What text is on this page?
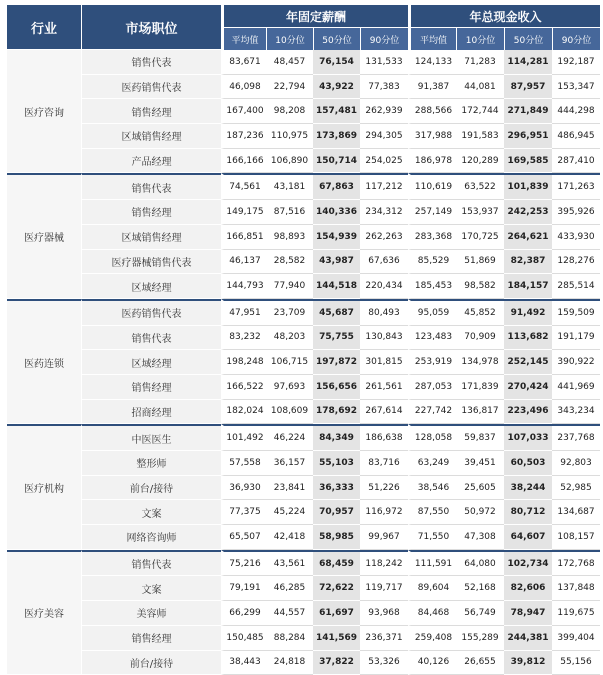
行业	市场职位	年固定薪酬				年总现金收入			
		平均值	10分位	50分位	90分位	平均值	10分位	50分位	90分位
医疗咨询	销售代表	83,671	48,457	76,154	131,533	124,133	71,283	114,281	192,187
	医药销售代表	46,098	22,794	43,922	77,383	91,387	44,081	87,957	153,347
	销售经理	167,400	98,208	157,481	262,939	288,566	172,744	271,849	444,298
	区域销售经理	187,236	110,975	173,869	294,305	317,988	191,583	296,951	486,945
	产品经理	166,166	106,890	150,714	254,025	186,978	120,289	169,585	287,410
医疗器械	销售代表	74,561	43,181	67,863	117,212	110,619	63,522	101,839	171,263
	销售经理	149,175	87,516	140,336	234,312	257,149	153,937	242,253	395,926
	区域销售经理	166,851	98,893	154,939	262,263	283,368	170,725	264,621	433,930
	医疗器械销售代表	46,137	28,582	43,987	67,636	85,529	51,869	82,387	128,276
	区域经理	144,793	77,940	144,518	220,434	185,453	98,582	184,157	285,514
医药连锁	医药销售代表	47,951	23,709	45,687	80,493	95,059	45,852	91,492	159,509
	销售代表	83,232	48,203	75,755	130,843	123,483	70,909	113,682	191,179
	区域经理	198,248	106,715	197,872	301,815	253,919	134,978	252,145	390,922
	销售经理	166,522	97,693	156,656	261,561	287,053	171,839	270,424	441,969
	招商经理	182,024	108,609	178,692	267,614	227,742	136,817	223,496	343,234
医疗机构	中医医生	101,492	46,224	84,349	186,638	128,058	59,837	107,033	237,768
	整形师	57,558	36,157	55,103	83,716	63,249	39,451	60,503	92,803
	前台/接待	36,930	23,841	36,333	51,226	38,546	25,605	38,244	52,985
	文案	77,375	45,224	70,957	116,972	87,550	50,972	80,712	134,687
	网络咨询师	65,507	42,418	58,985	99,967	71,550	47,308	64,607	108,157
医疗美容	销售代表	75,216	43,561	68,459	118,242	111,591	64,080	102,734	172,768
	文案	79,191	46,285	72,622	119,717	89,604	52,168	82,606	137,848
	美容师	66,299	44,557	61,697	93,968	84,468	56,749	78,947	119,675
	销售经理	150,485	88,284	141,569	236,371	259,408	155,289	244,381	399,404
	前台/接待	38,443	24,818	37,822	53,326	40,126	26,655	39,812	55,156
